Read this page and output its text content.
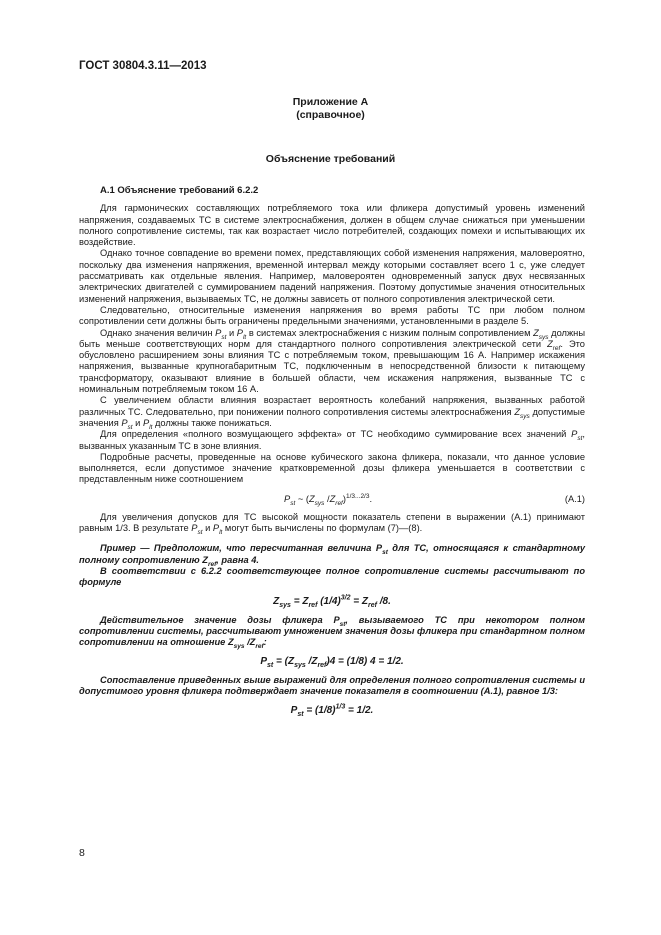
ГОСТ 30804.3.11—2013
Приложение А
(справочное)
Объяснение требований
А.1 Объяснение требований 6.2.2

Для гармонических составляющих потребляемого тока или фликера допустимый уровень изменений напряжения, создаваемых ТС в системе электроснабжения, должен в общем случае снижаться при уменьшении полного сопротивление системы, так как возрастает число потребителей, создающих помехи и испытывающих их воздействие.

Однако точное совпадение во времени помех, представляющих собой изменения напряжения, маловероятно, поскольку два изменения напряжения, временной интервал между которыми составляет всего 1 с, уже следует рассматривать как отдельные явления. Например, маловероятен одновременный запуск двух несвязанных электрических двигателей с суммированием падений напряжения. Поэтому допустимые значения относительных изменений напряжения, вызываемых ТС, не должны зависеть от полного сопротивления электрической сети.

Следовательно, относительные изменения напряжения во время работы ТС при любом полном сопротивлении сети должны быть ограничены предельными значениями, установленными в разделе 5.

Однако значения величин $P_{st}$ и $P_{lt}$ в системах электроснабжения с низким полным сопротивлением $Z_{sys}$ должны быть меньше соответствующих норм для стандартного полного сопротивления электрической сети $Z_{ref}$. Это обусловлено расширением зоны влияния ТС с потребляемым током, превышающим 16 А. Например искажения напряжения, вызванные крупногабаритным ТС, подключенным в непосредственной близости к питающему трансформатору, оказывают влияние в большей области, чем искажения напряжения, вызванные ТС с номинальным потребляемым током 16 А.

С увеличением области влияния возрастает вероятность колебаний напряжения, вызванных работой различных ТС. Следовательно, при понижении полного сопротивления системы электроснабжения $Z_{sys}$ допустимые значения $P_{st}$ и $P_{lt}$ должны также понижаться.

Для определения «полного возмущающего эффекта» от ТС необходимо суммирование всех значений $P_{st}$, вызванных указанным ТС в зоне влияния.

Подробные расчеты, проведенные на основе кубического закона фликера, показали, что данное условие выполняется, если допустимое значение кратковременной дозы фликера уменьшается в соответствии с представленным ниже соотношением

$P_{st}$ ~ ($Z_{sys}$ $/Z_{ref})^{1/3...2/3}$.	(А.1)

Для увеличения допусков для ТС высокой мощности показатель степени в выражении (А.1) принимают равным 1/3. В результате $P_{st}$ и $P_{lt}$ могут быть вычислены по формулам (7)—(8).

Пример — Предположим, что пересчитанная величина $P_{st}$ для ТС, относящаяся к стандартному полному сопротивлению $Z_{ref}$, равна 4.

В соответствии с 6.2.2 соответствующее полное сопротивление системы рассчитывают по формуле

$Z_{sys} = Z_{ref}$ $(1/4)^{3/2} = Z_{ref}$ /8.

Действительное значение дозы фликера $P_{st}$, вызываемого ТС при некотором полном сопротивлении системы, рассчитывают умножением значения дозы фликера при стандартном полном сопротивлении на отношение $Z_{sys}$ $/Z_{ref}$:

$P_{st} = (Z_{sys}$ $/Z_{ref})4 = (1/8)$ 4 = 1/2.

Сопоставление приведенных выше выражений для определения полного сопротивления системы и допустимого уровня фликера подтверждает значение показателя в соотношении (А.1), равное 1/3:

$P_{st} = (1/8)^{1/3} = 1/2$.

8
